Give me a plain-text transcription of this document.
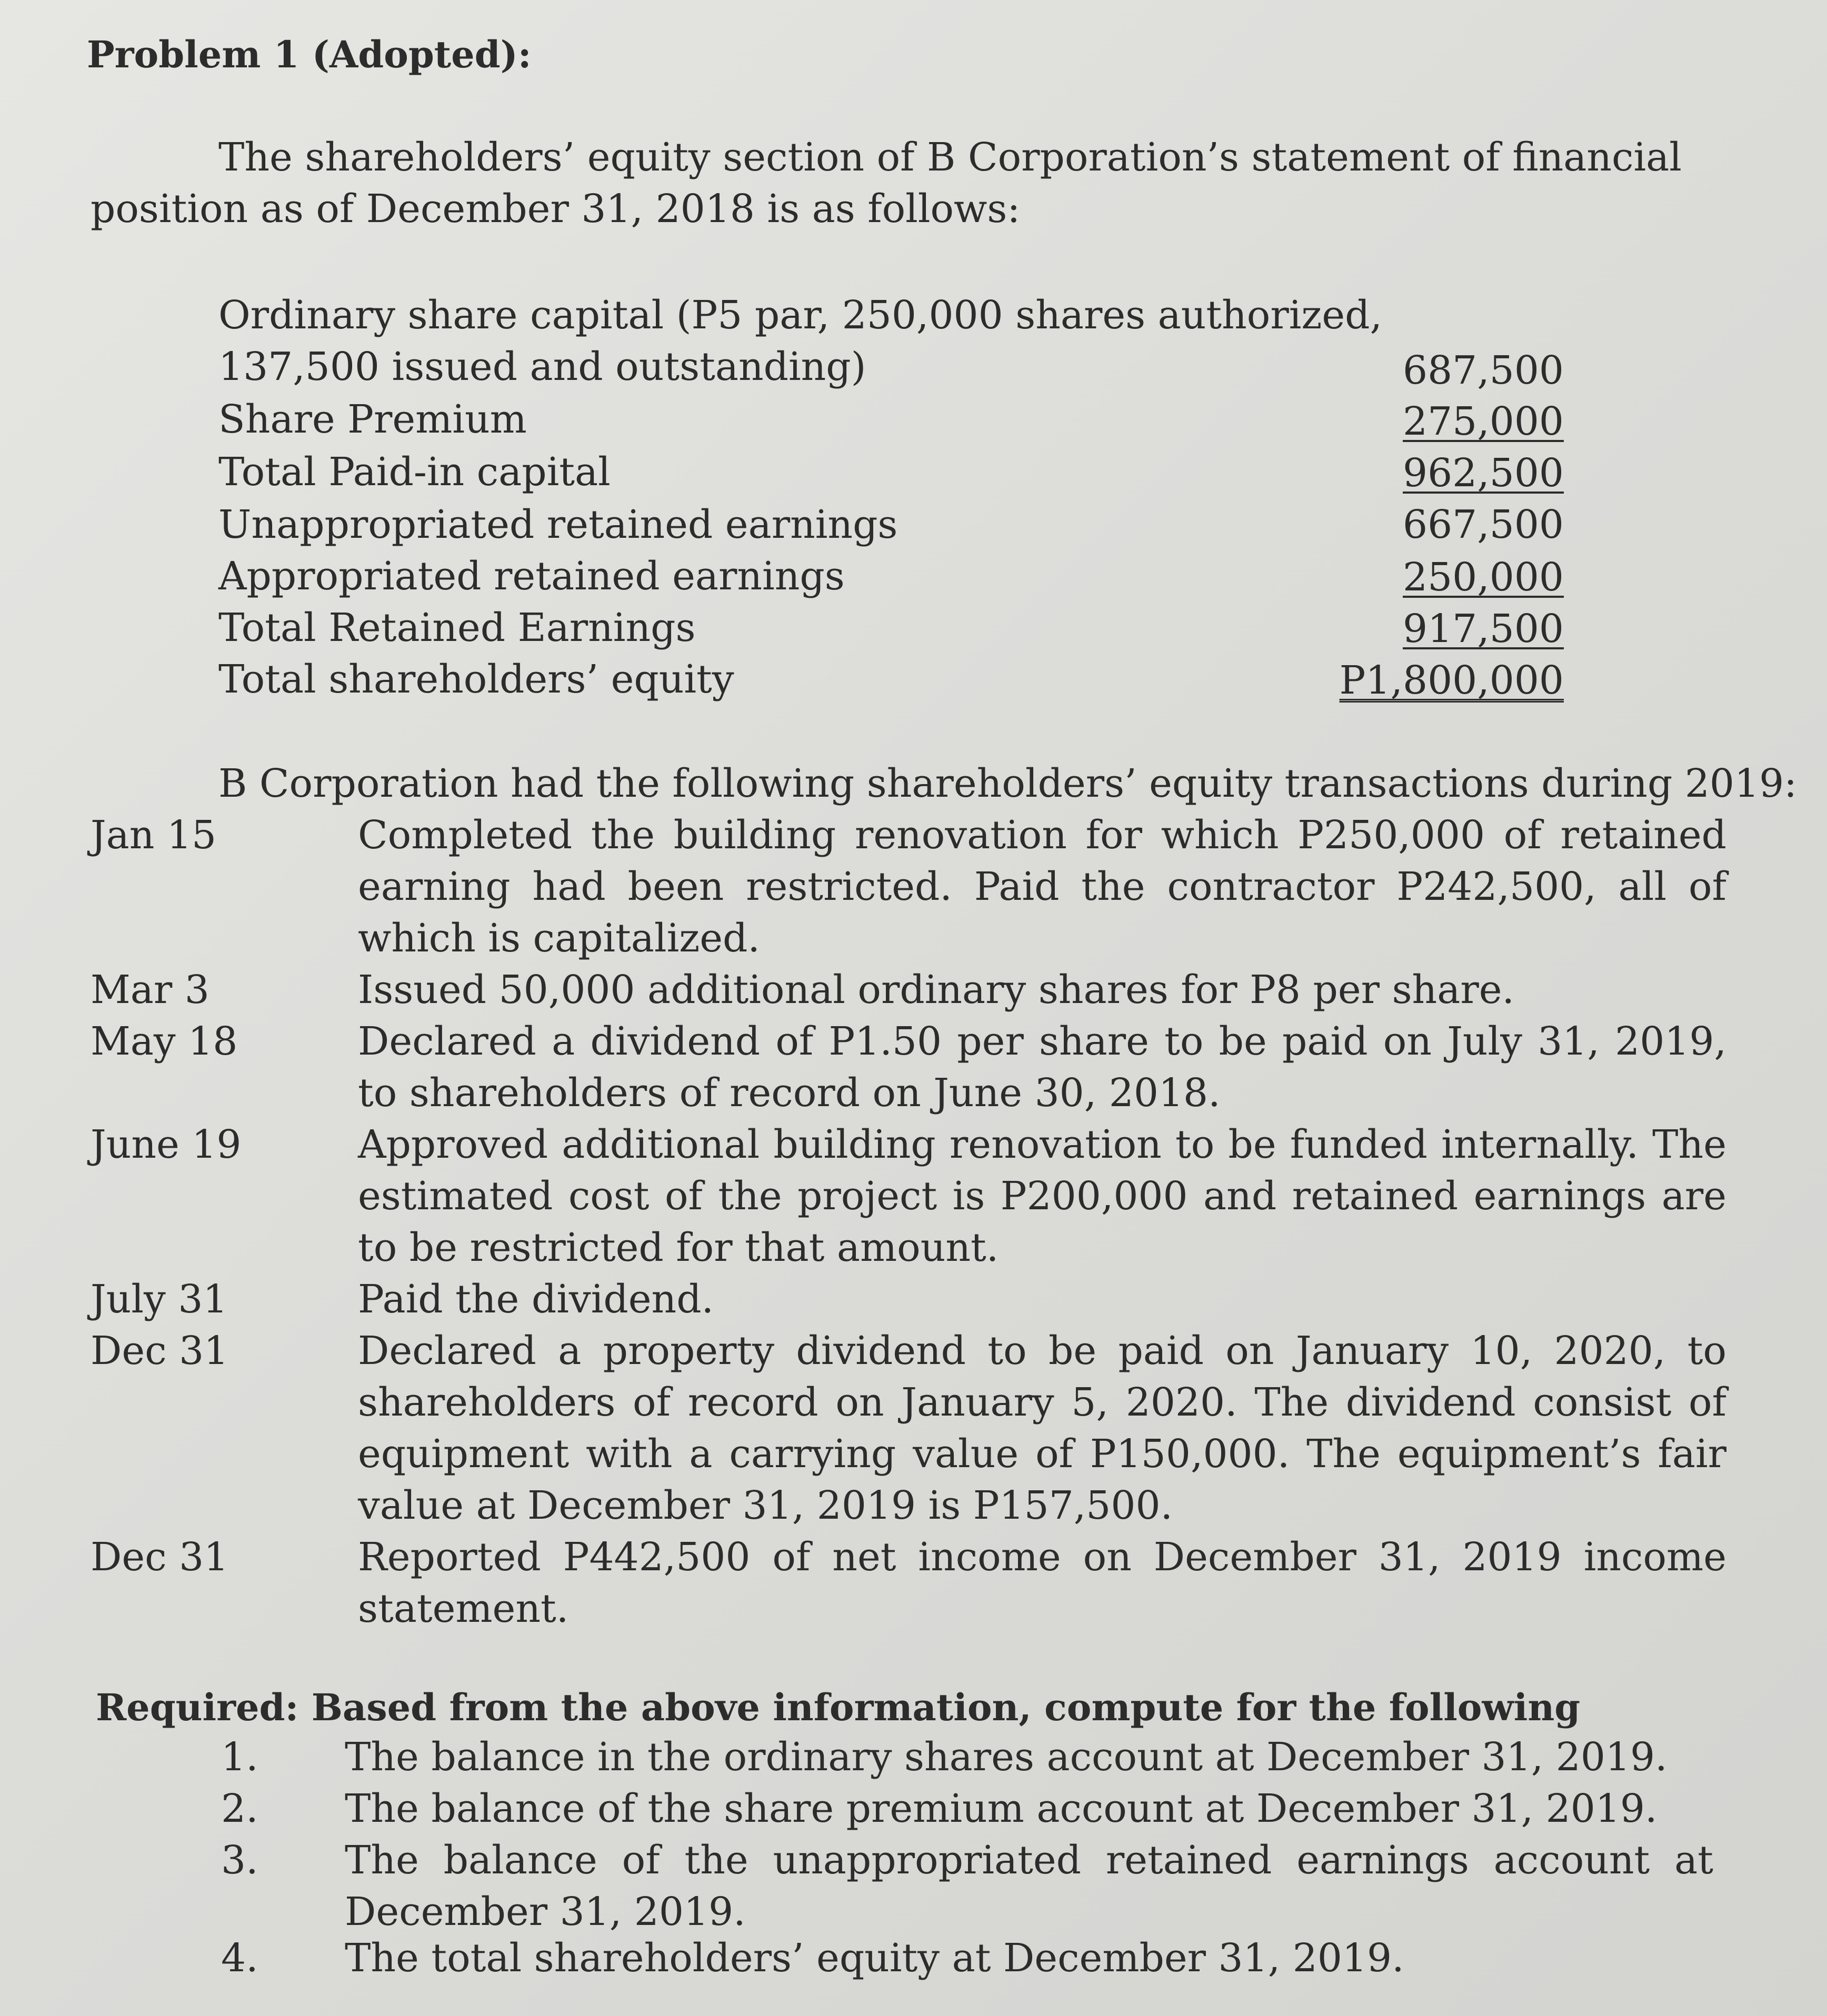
Problem 1 (Adopted):
The shareholders’ equity section of B Corporation’s statement of financial
position as of December 31, 2018 is as follows:
Ordinary share capital (P5 par, 250,000 shares authorized,
137,500 issued and outstanding)	687,500
Share Premium	275,000
Total Paid-in capital	962,500
Unappropriated retained earnings	667,500
Appropriated retained earnings	250,000
Total Retained Earnings	917,500
Total shareholders’ equity	P1,800,000
B Corporation had the following shareholders’ equity transactions during 2019:
Jan 15	Completed the building renovation for which P250,000 of retained earning had been restricted. Paid the contractor P242,500, all of which is capitalized.
Mar 3	Issued 50,000 additional ordinary shares for P8 per share.
May 18	Declared a dividend of P1.50 per share to be paid on July 31, 2019, to shareholders of record on June 30, 2018.
June 19	Approved additional building renovation to be funded internally. The estimated cost of the project is P200,000 and retained earnings are to be restricted for that amount.
July 31	Paid the dividend.
Dec 31	Declared a property dividend to be paid on January 10, 2020, to shareholders of record on January 5, 2020. The dividend consist of equipment with a carrying value of P150,000. The equipment’s fair value at December 31, 2019 is P157,500.
Dec 31	Reported P442,500 of net income on December 31, 2019 income statement.
Required: Based from the above information, compute for the following
1. The balance in the ordinary shares account at December 31, 2019.
2. The balance of the share premium account at December 31, 2019.
3. The balance of the unappropriated retained earnings account at December 31, 2019.
4. The total shareholders’ equity at December 31, 2019.
